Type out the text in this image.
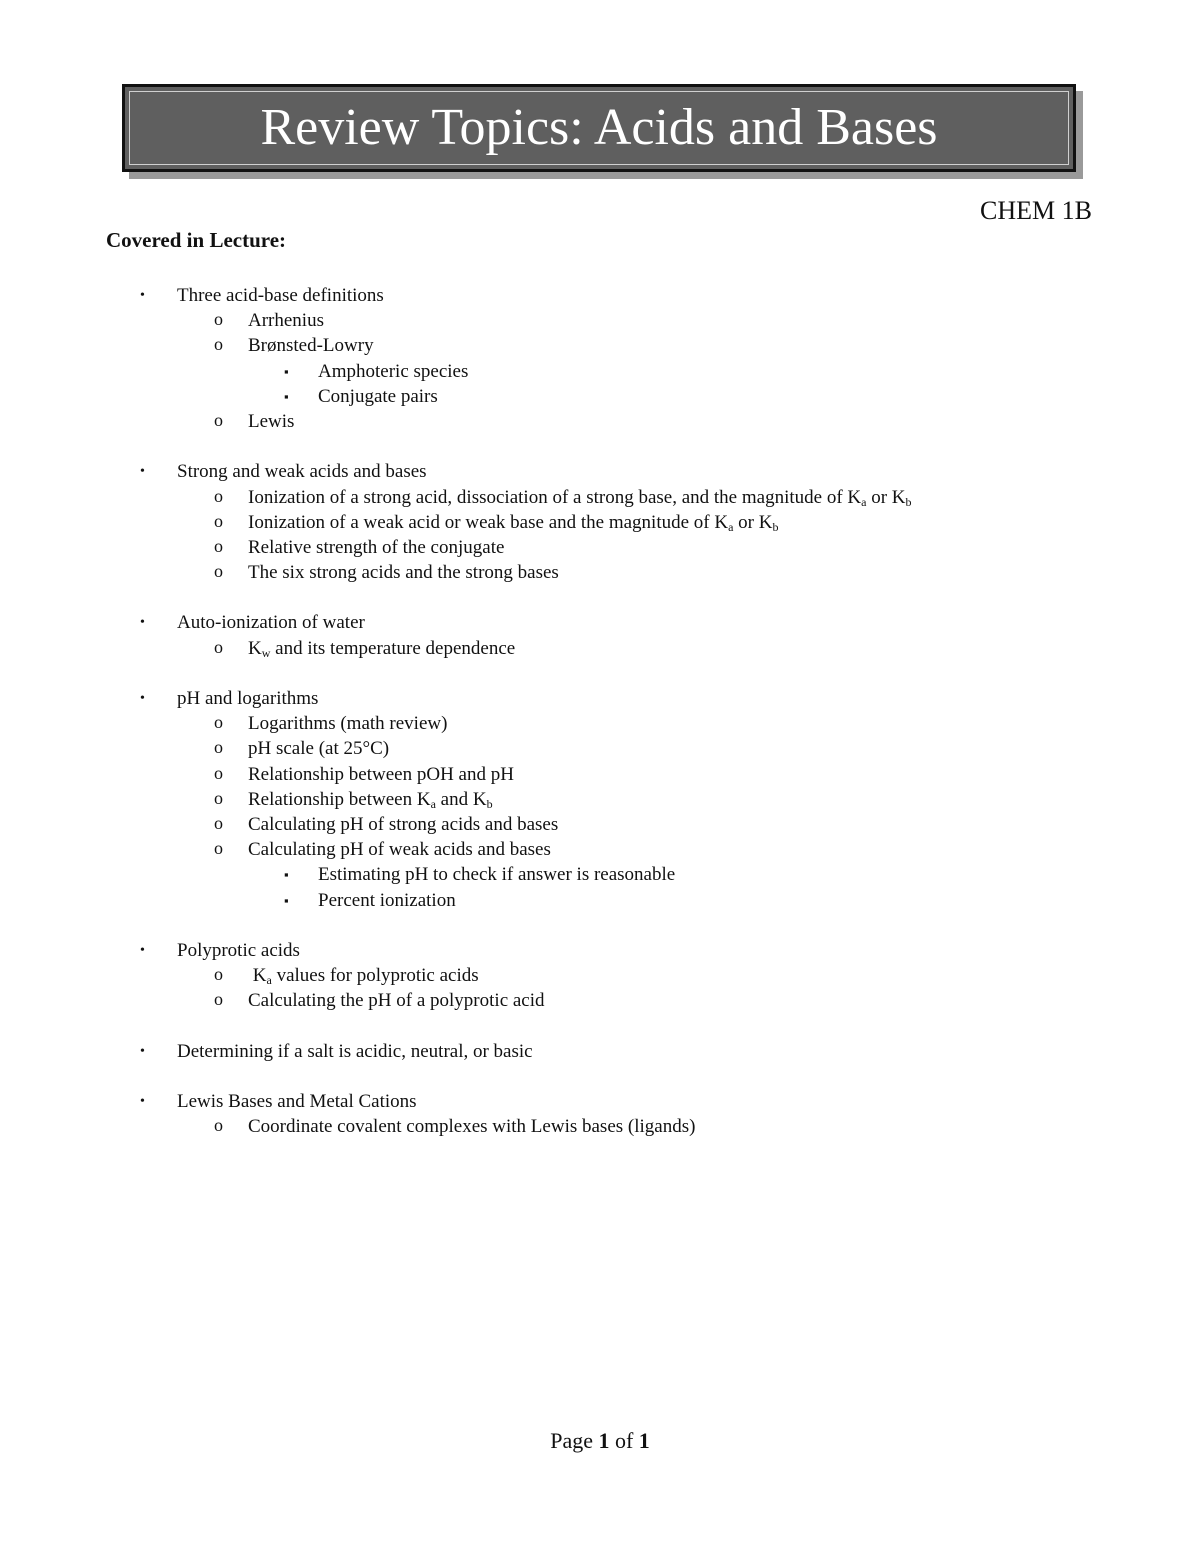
Review Topics: Acids and Bases
CHEM 1B
Covered in Lecture:
• Three acid-base definitions
o Arrhenius
o Brønsted-Lowry
▪ Amphoteric species
▪ Conjugate pairs
o Lewis
• Strong and weak acids and bases
o Ionization of a strong acid, dissociation of a strong base, and the magnitude of $K_a$ or $K_b$
o Ionization of a weak acid or weak base and the magnitude of $K_a$ or $K_b$
o Relative strength of the conjugate
o The six strong acids and the strong bases
• Auto-ionization of water
o $K_w$ and its temperature dependence
• pH and logarithms
o Logarithms (math review)
o pH scale (at 25°C)
o Relationship between pOH and pH
o Relationship between $K_a$ and $K_b$
o Calculating pH of strong acids and bases
o Calculating pH of weak acids and bases
▪ Estimating pH to check if answer is reasonable
▪ Percent ionization
• Polyprotic acids
o $K_a$ values for polyprotic acids
o Calculating the pH of a polyprotic acid
• Determining if a salt is acidic, neutral, or basic
• Lewis Bases and Metal Cations
o Coordinate covalent complexes with Lewis bases (ligands)
Page 1 of 1
